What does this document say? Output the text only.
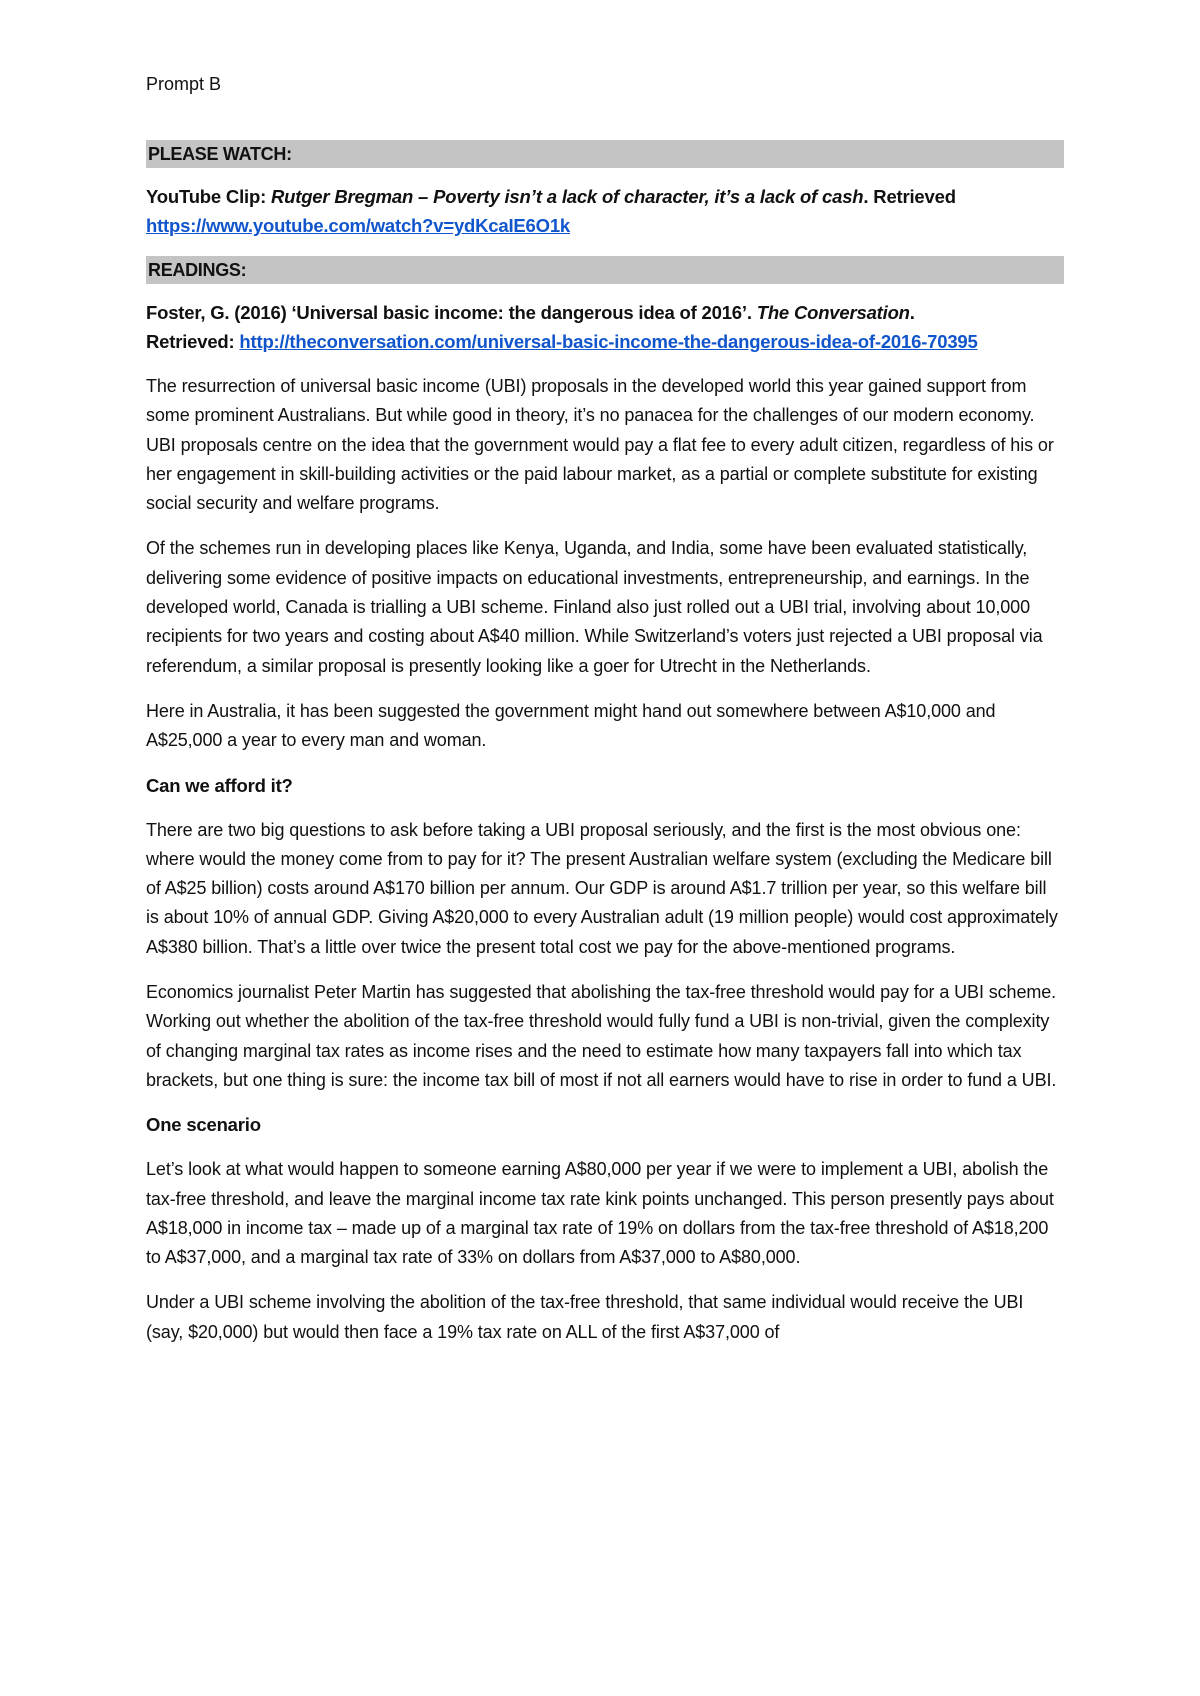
Prompt B
PLEASE WATCH:
YouTube Clip: Rutger Bregman – Poverty isn’t a lack of character, it’s a lack of cash. Retrieved
https://www.youtube.com/watch?v=ydKcaIE6O1k
READINGS:
Foster, G. (2016) ‘Universal basic income: the dangerous idea of 2016’. The Conversation.
Retrieved: http://theconversation.com/universal-basic-income-the-dangerous-idea-of-2016-70395

The resurrection of universal basic income (UBI) proposals in the developed world this year gained support from some prominent Australians. But while good in theory, it’s no panacea for the challenges of our modern economy. UBI proposals centre on the idea that the government would pay a flat fee to every adult citizen, regardless of his or her engagement in skill-building activities or the paid labour market, as a partial or complete substitute for existing social security and welfare programs.

Of the schemes run in developing places like Kenya, Uganda, and India, some have been evaluated statistically, delivering some evidence of positive impacts on educational investments, entrepreneurship, and earnings. In the developed world, Canada is trialling a UBI scheme. Finland also just rolled out a UBI trial, involving about 10,000 recipients for two years and costing about A$40 million. While Switzerland’s voters just rejected a UBI proposal via referendum, a similar proposal is presently looking like a goer for Utrecht in the Netherlands.

Here in Australia, it has been suggested the government might hand out somewhere between A$10,000 and A$25,000 a year to every man and woman.

Can we afford it?

There are two big questions to ask before taking a UBI proposal seriously, and the first is the most obvious one: where would the money come from to pay for it? The present Australian welfare system (excluding the Medicare bill of A$25 billion) costs around A$170 billion per annum. Our GDP is around A$1.7 trillion per year, so this welfare bill is about 10% of annual GDP. Giving A$20,000 to every Australian adult (19 million people) would cost approximately A$380 billion. That’s a little over twice the present total cost we pay for the above-mentioned programs.

Economics journalist Peter Martin has suggested that abolishing the tax-free threshold would pay for a UBI scheme. Working out whether the abolition of the tax-free threshold would fully fund a UBI is non-trivial, given the complexity of changing marginal tax rates as income rises and the need to estimate how many taxpayers fall into which tax brackets, but one thing is sure: the income tax bill of most if not all earners would have to rise in order to fund a UBI.

One scenario

Let’s look at what would happen to someone earning A$80,000 per year if we were to implement a UBI, abolish the tax-free threshold, and leave the marginal income tax rate kink points unchanged. This person presently pays about A$18,000 in income tax – made up of a marginal tax rate of 19% on dollars from the tax-free threshold of A$18,200 to A$37,000, and a marginal tax rate of 33% on dollars from A$37,000 to A$80,000.

Under a UBI scheme involving the abolition of the tax-free threshold, that same individual would receive the UBI (say, $20,000) but would then face a 19% tax rate on ALL of the first A$37,000 of
